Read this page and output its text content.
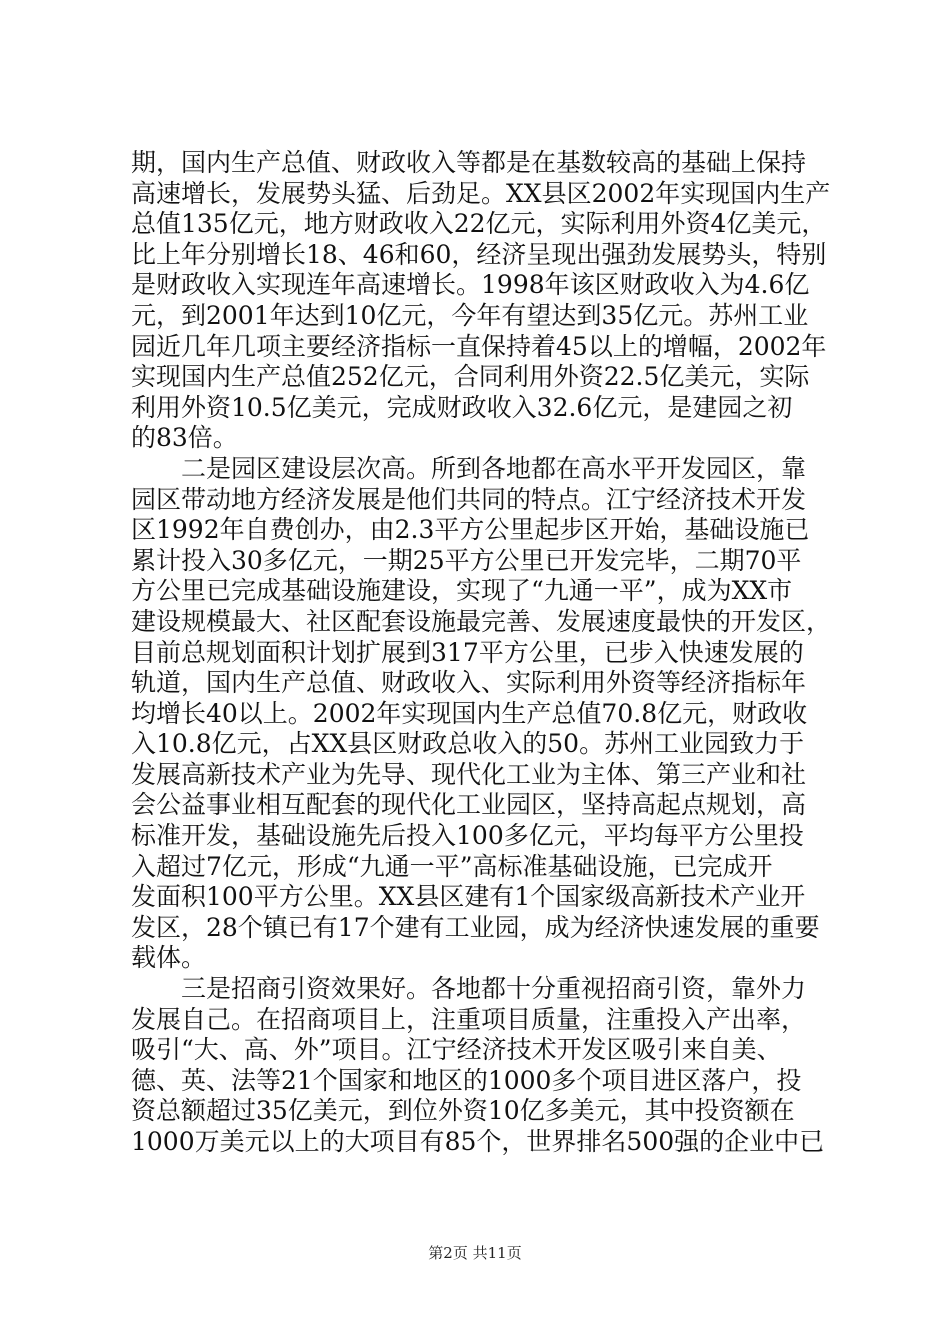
期，国内生产总值、财政收入等都是在基数较高的基础上保持
高速增长，发展势头猛、后劲足。XX县区2002年实现国内生产
总值135亿元，地方财政收入22亿元，实际利用外资4亿美元，
比上年分别增长18、46和60，经济呈现出强劲发展势头，特别
是财政收入实现连年高速增长。1998年该区财政收入为4.6亿
元，到2001年达到10亿元，今年有望达到35亿元。苏州工业
园近几年几项主要经济指标一直保持着45以上的增幅，2002年
实现国内生产总值252亿元，合同利用外资22.5亿美元，实际
利用外资10.5亿美元，完成财政收入32.6亿元，是建园之初
的83倍。
　　二是园区建设层次高。所到各地都在高水平开发园区，靠
园区带动地方经济发展是他们共同的特点。江宁经济技术开发
区1992年自费创办，由2.3平方公里起步区开始，基础设施已
累计投入30多亿元，一期25平方公里已开发完毕，二期70平
方公里已完成基础设施建设，实现了“九通一平”，成为XX市
建设规模最大、社区配套设施最完善、发展速度最快的开发区，
目前总规划面积计划扩展到317平方公里，已步入快速发展的
轨道，国内生产总值、财政收入、实际利用外资等经济指标年
均增长40以上。2002年实现国内生产总值70.8亿元，财政收
入10.8亿元，占XX县区财政总收入的50。苏州工业园致力于
发展高新技术产业为先导、现代化工业为主体、第三产业和社
会公益事业相互配套的现代化工业园区，坚持高起点规划，高
标准开发，基础设施先后投入100多亿元，平均每平方公里投
入超过7亿元，形成“九通一平”高标准基础设施，已完成开
发面积100平方公里。XX县区建有1个国家级高新技术产业开
发区，28个镇已有17个建有工业园，成为经济快速发展的重要
载体。
　　三是招商引资效果好。各地都十分重视招商引资，靠外力
发展自己。在招商项目上，注重项目质量，注重投入产出率，
吸引“大、高、外”项目。江宁经济技术开发区吸引来自美、
德、英、法等21个国家和地区的1000多个项目进区落户，投
资总额超过35亿美元，到位外资10亿多美元，其中投资额在
1000万美元以上的大项目有85个，世界排名500强的企业中已
第2页 共11页
